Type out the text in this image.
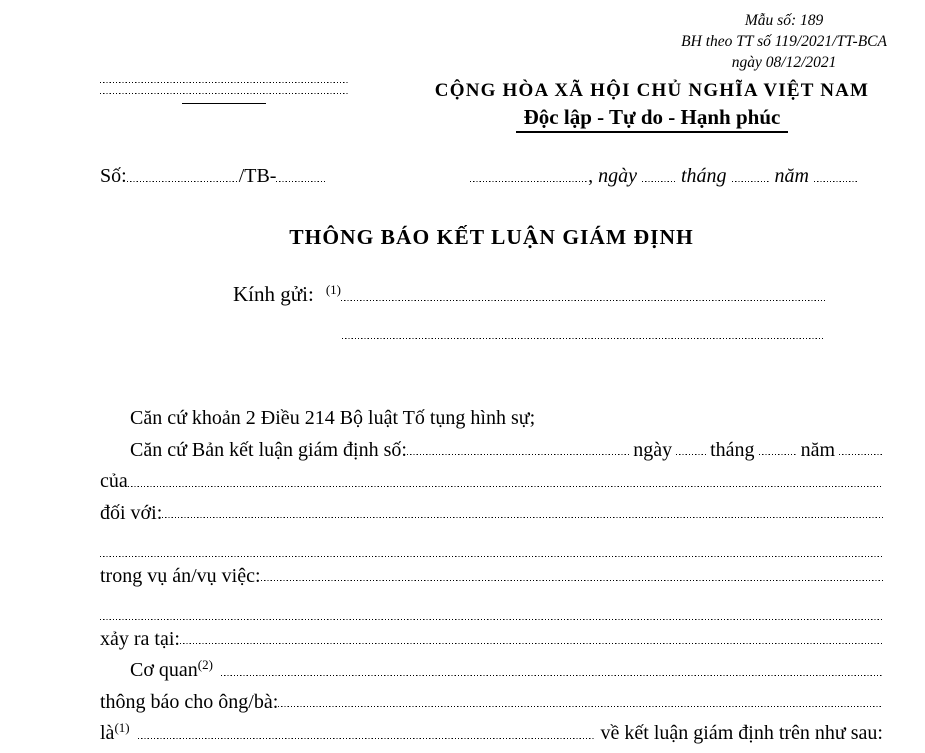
Mẫu số: 189
BH theo TT số 119/2021/TT-BCA
ngày 08/12/2021
CỘNG HÒA XÃ HỘI CHỦ NGHĨA VIỆT NAM
Độc lập - Tự do - Hạnh phúc
Số:	/TB-	, ngày tháng năm
THÔNG BÁO KẾT LUẬN GIÁM ĐỊNH
Kính gửi: (1)
Căn cứ khoản 2 Điều 214 Bộ luật Tố tụng hình sự;
Căn cứ Bản kết luận giám định số:	ngày tháng năm
của
đối với:
trong vụ án/vụ việc:
xảy ra tại:
Cơ quan (2)
thông báo cho ông/bà:
là (1)	về kết luận giám định trên như sau:
